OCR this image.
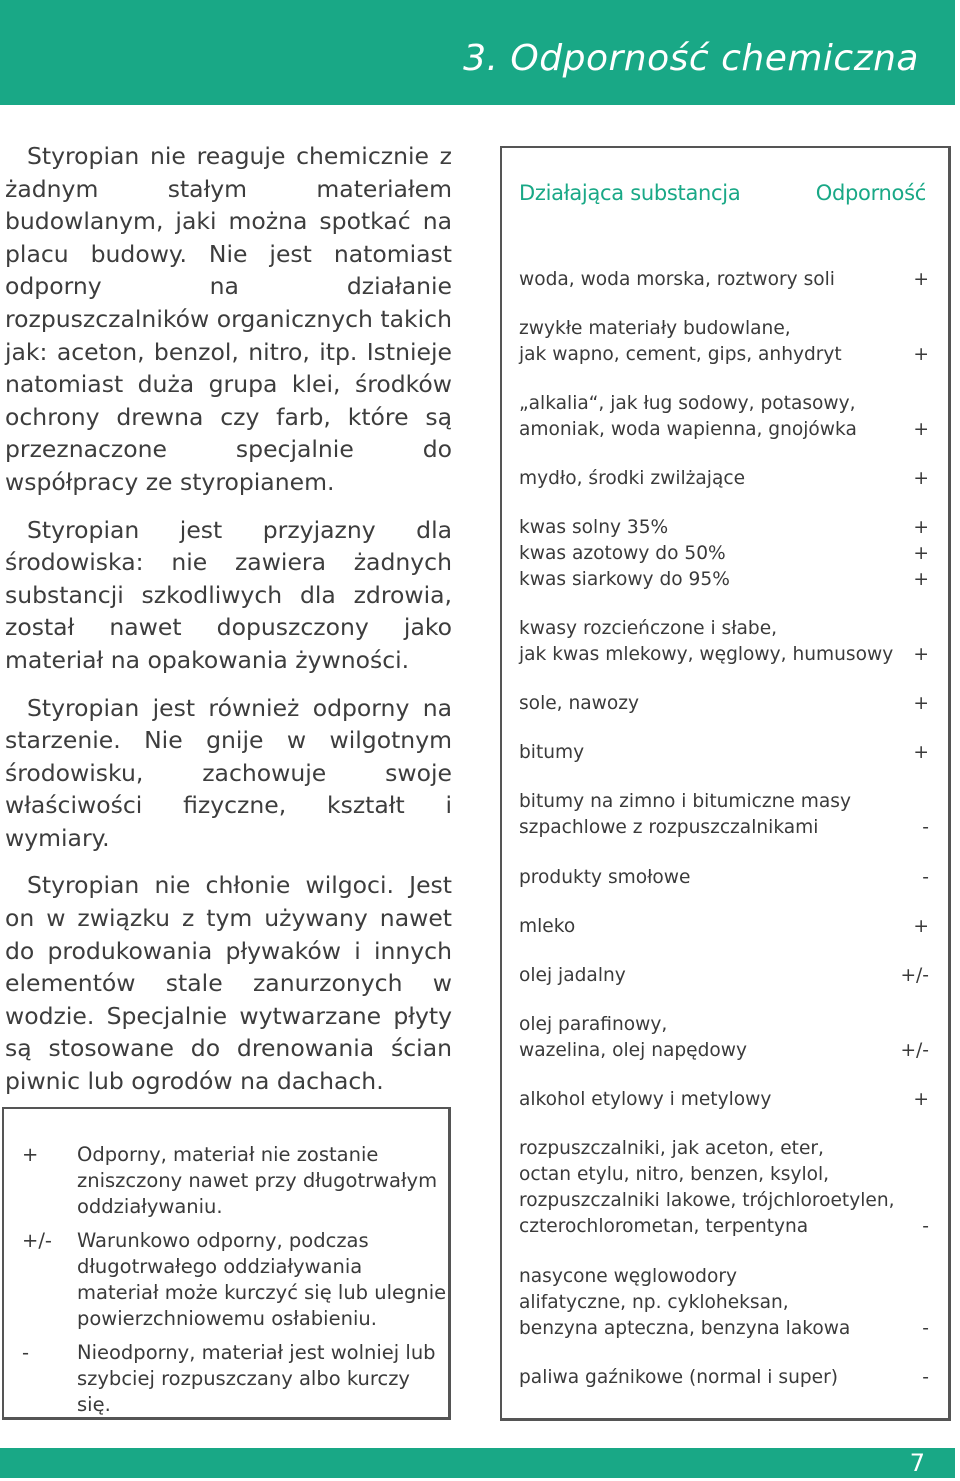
3. Odporność chemiczna

Styropian nie reaguje chemicznie z żadnym stałym materiałem budowlanym, jaki można spotkać na placu budowy. Nie jest natomiast odporny na działanie rozpuszczalników organicznych takich jak: aceton, benzol, nitro, itp. Istnieje natomiast duża grupa klei, środków ochrony drewna czy farb, które są przeznaczone specjalnie do współpracy ze styropianem.

Styropian jest przyjazny dla środowiska: nie zawiera żadnych substancji szkodliwych dla zdrowia, został nawet dopuszczony jako materiał na opakowania żywności.

Styropian jest również odporny na starzenie. Nie gnije w wilgotnym środowisku, zachowuje swoje właściwości fizyczne, kształt i wymiary.

Styropian nie chłonie wilgoci. Jest on w związku z tym używany nawet do produkowania pływaków i innych elementów stale zanurzonych w wodzie. Specjalnie wytwarzane płyty są stosowane do drenowania ścian piwnic lub ogrodów na dachach.

+	Odporny, materiał nie zostanie zniszczony nawet przy długotrwałym oddziaływaniu.
+/-	Warunkowo odporny, podczas długotrwałego oddziaływania materiał może kurczyć się lub ulegnie powierzchniowemu osłabieniu.
-	Nieodporny, materiał jest wolniej lub szybciej rozpuszczany albo kurczy się.
Działająca substancja	Odporność
woda, woda morska, roztwory soli	+
zwykłe materiały budowlane,
jak wapno, cement, gips, anhydryt	+
„alkalia“, jak ług sodowy, potasowy,
amoniak, woda wapienna, gnojówka	+
mydło, środki zwilżające	+
kwas solny 35%	+
kwas azotowy do 50%	+
kwas siarkowy do 95%	+
kwasy rozcieńczone i słabe,
jak kwas mlekowy, węglowy, humusowy	+
sole, nawozy	+
bitumy	+
bitumy na zimno i bitumiczne masy
szpachlowe z rozpuszczalnikami	-
produkty smołowe	-
mleko	+
olej jadalny	+/-
olej parafinowy,
wazelina, olej napędowy	+/-
alkohol etylowy i metylowy	+
rozpuszczalniki, jak aceton, eter,
octan etylu, nitro, benzen, ksylol,
rozpuszczalniki lakowe, trójchloroetylen,
czterochlorometan, terpentyna	-
nasycone węglowodory
alifatyczne, np. cykloheksan,
benzyna apteczna, benzyna lakowa	-
paliwa gaźnikowe (normal i super)	-
7
